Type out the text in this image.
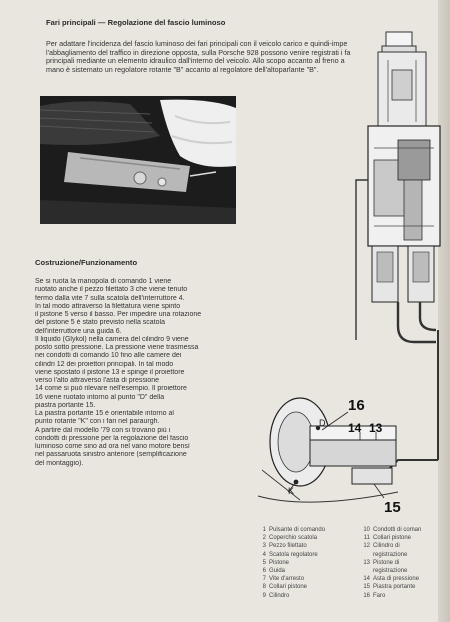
Fari principali — Regolazione del fascio luminoso
Per adattare l'incidenza del fascio luminoso dei fari principali con il veicolo carico e quindi-impe
l'abbagliamento del traffico in direzione opposta, sulla Porsche 928 possono venire registrati i fa
principali mediante un elemento idraulico dall'interno del veicolo. Allo scopo accanto al freno a
mano è sistemato un regolatore rotante "B" accanto al regolatore dell'altoparlante "B".
Costruzione/Funzionamento
Se si ruota la manopola di comando 1 viene
ruotato anche il pezzo filettato 3 che viene tenuto
fermo dalla vite 7 sulla scatola dell'interruttore 4.
In tal modo attraverso la filettatura viene spinto
il pistone 5 verso il basso. Per impedire una rotazione
del pistone 5 è stato previsto nella scatola
dell'interruttore una guida 6.
Il liquido (Glykol) nella camera del cilindro 9 viene
posto sotto pressione. La pressione viene trasmessa
nei condotti di comando 10 fino alle camere dei
cilindri 12 dei proiettori principali. In tal modo
viene spostato il pistone 13 e spinge il proiettore
verso l'alto attraverso l'asta di pressione
14 come si può rilevare nell'esempio. Il proiettore
16 viene ruotato intorno al punto "D" della
piastra portante 15.
La piastra portante 15 è orientabile intorno al
punto rotante "K" con i fari nel paraurgh.
A partire dal modello '79 con si trovano più i
condotti di pressione per la regolazione del fascio
luminoso come sino ad ora nel vano motore bensì
nel passaruota sinistro anteriore (semplificazione
del montaggio).
16
14 13
15
D
K
1 Pulsante di comando
2 Coperchio scatola
3 Pezzo filettato
4 Scatola regolatore
5 Pistone
6 Guida
7 Vite d'arresto
8 Collari pistone
9 Cilindro
10 Condotti di coman
11 Collari pistone
12 Cilindro di
registrazione
13 Pistone di
registrazione
14 Asta di pressione
15 Piastra portante
16 Faro
